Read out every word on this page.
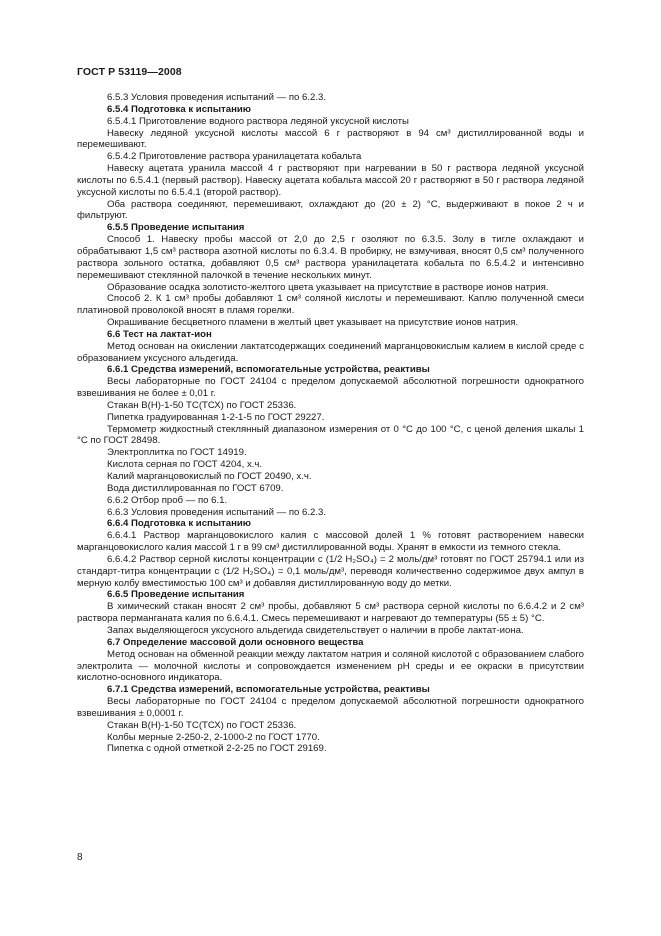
ГОСТ Р 53119—2008

6.5.3 Условия проведения испытаний — по 6.2.3.

6.5.4 Подготовка к испытанию

6.5.4.1 Приготовление водного раствора ледяной уксусной кислоты

Навеску ледяной уксусной кислоты массой 6 г растворяют в 94 см³ дистиллированной воды и перемешивают.

6.5.4.2 Приготовление раствора уранилацетата кобальта

Навеску ацетата уранила массой 4 г растворяют при нагревании в 50 г раствора ледяной уксусной кислоты по 6.5.4.1 (первый раствор). Навеску ацетата кобальта массой 20 г растворяют в 50 г раствора ледяной уксусной кислоты по 6.5.4.1 (второй раствор).

Оба раствора соединяют, перемешивают, охлаждают до (20 ± 2) °С, выдерживают в покое 2 ч и фильтруют.

6.5.5 Проведение испытания

Способ 1. Навеску пробы массой от 2,0 до 2,5 г озоляют по 6.3.5. Золу в тигле охлаждают и обрабатывают 1,5 см³ раствора азотной кислоты по 6.3.4. В пробирку, не взмучивая, вносят 0,5 см³ полученного раствора зольного остатка, добавляют 0,5 см³ раствора уранилацетата кобальта по 6.5.4.2 и интенсивно перемешивают стеклянной палочкой в течение нескольких минут.

Образование осадка золотисто-желтого цвета указывает на присутствие в растворе ионов натрия.

Способ 2. К 1 см³ пробы добавляют 1 см³ соляной кислоты и перемешивают. Каплю полученной смеси платиновой проволокой вносят в пламя горелки.

Окрашивание бесцветного пламени в желтый цвет указывает на присутствие ионов натрия.

6.6 Тест на лактат-ион

Метод основан на окислении лактатсодержащих соединений марганцовокислым калием в кислой среде с образованием уксусного альдегида.

6.6.1 Средства измерений, вспомогательные устройства, реактивы

Весы лабораторные по ГОСТ 24104 с пределом допускаемой абсолютной погрешности однократного взвешивания не более ± 0,01 г.

Стакан В(Н)-1-50 ТС(ТСХ) по ГОСТ 25336.

Пипетка градуированная 1-2-1-5 по ГОСТ 29227.

Термометр жидкостный стеклянный диапазоном измерения от 0 °С до 100 °С, с ценой деления шкалы 1 °С по ГОСТ 28498.

Электроплитка по ГОСТ 14919.

Кислота серная по ГОСТ 4204, х.ч.

Калий марганцовокислый по ГОСТ 20490, х.ч.

Вода дистиллированная по ГОСТ 6709.

6.6.2 Отбор проб — по 6.1.

6.6.3 Условия проведения испытаний — по 6.2.3.

6.6.4 Подготовка к испытанию

6.6.4.1 Раствор марганцовокислого калия с массовой долей 1 % готовят растворением навески марганцовокислого калия массой 1 г в 99 см³ дистиллированной воды. Хранят в емкости из темного стекла.

6.6.4.2 Раствор серной кислоты концентрации с (1/2 H₂SO₄) = 2 моль/дм³ готовят по ГОСТ 25794.1 или из стандарт-титра концентрации с (1/2 H₂SO₄) = 0,1 моль/дм³, переводя количественно содержимое двух ампул в мерную колбу вместимостью 100 см³ и добавляя дистиллированную воду до метки.

6.6.5 Проведение испытания

В химический стакан вносят 2 см³ пробы, добавляют 5 см³ раствора серной кислоты по 6.6.4.2 и 2 см³ раствора перманганата калия по 6.6.4.1. Смесь перемешивают и нагревают до температуры (55 ± 5) °С.

Запах выделяющегося уксусного альдегида свидетельствует о наличии в пробе лактат-иона.

6.7 Определение массовой доли основного вещества

Метод основан на обменной реакции между лактатом натрия и соляной кислотой с образованием слабого электролита — молочной кислоты и сопровождается изменением pH среды и ее окраски в присутствии кислотно-основного индикатора.

6.7.1 Средства измерений, вспомогательные устройства, реактивы

Весы лабораторные по ГОСТ 24104 с пределом допускаемой абсолютной погрешности однократного взвешивания ± 0,0001 г.

Стакан В(Н)-1-50 ТС(ТСХ) по ГОСТ 25336.

Колбы мерные 2-250-2, 2-1000-2 по ГОСТ 1770.

Пипетка с одной отметкой 2-2-25 по ГОСТ 29169.

8
